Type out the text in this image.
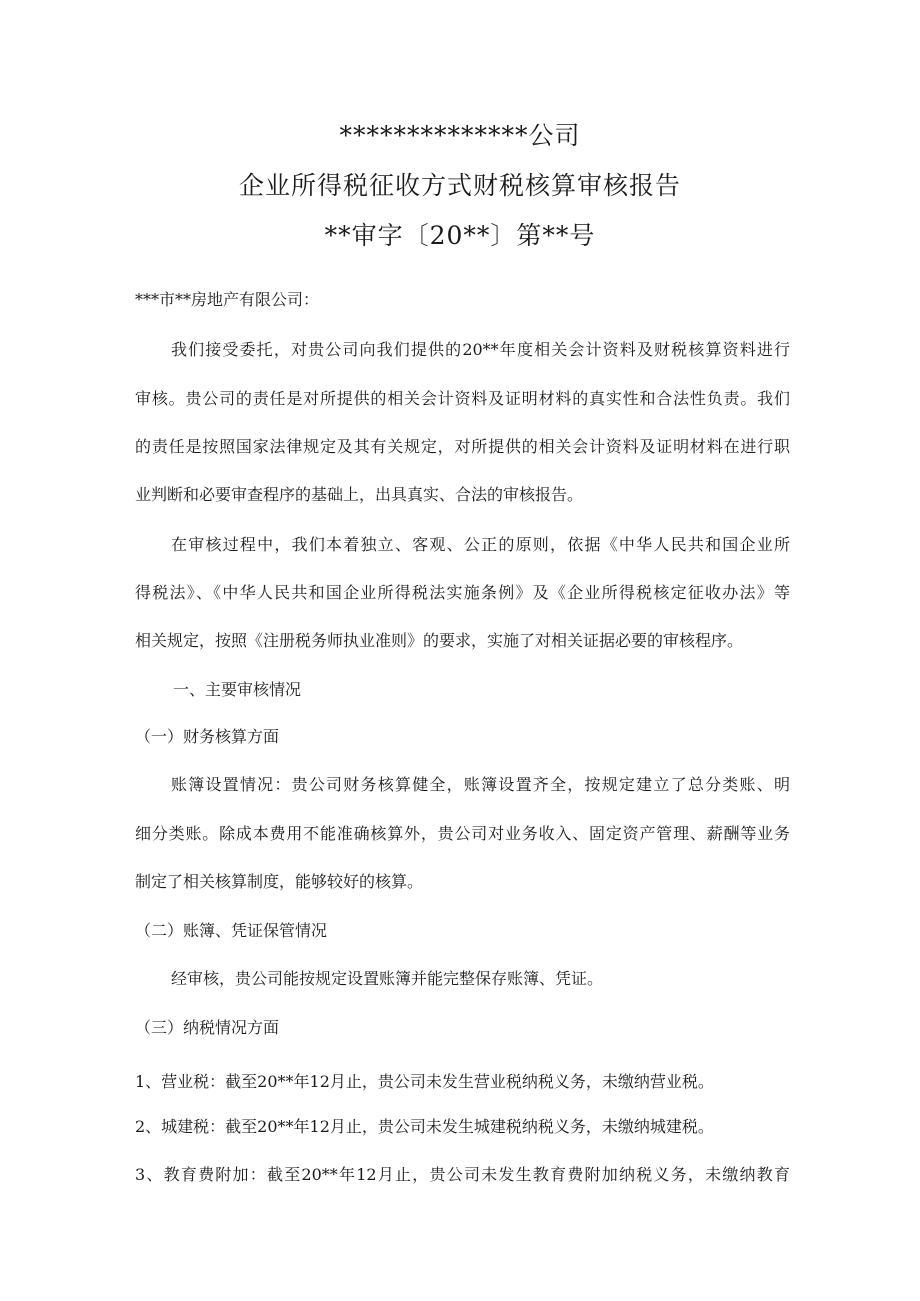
**************公司
企业所得税征收方式财税核算审核报告
**审字〔20**〕第**号
***市**房地产有限公司：
我们接受委托，对贵公司向我们提供的20**年度相关会计资料及财税核算资料进行
审核。贵公司的责任是对所提供的相关会计资料及证明材料的真实性和合法性负责。我们
的责任是按照国家法律规定及其有关规定，对所提供的相关会计资料及证明材料在进行职
业判断和必要审查程序的基础上，出具真实、合法的审核报告。
在审核过程中，我们本着独立、客观、公正的原则，依据《中华人民共和国企业所
得税法》、《中华人民共和国企业所得税法实施条例》及《企业所得税核定征收办法》等
相关规定，按照《注册税务师执业准则》的要求，实施了对相关证据必要的审核程序。
一、主要审核情况
（一）财务核算方面
账簿设置情况：贵公司财务核算健全，账簿设置齐全，按规定建立了总分类账、明
细分类账。除成本费用不能准确核算外，贵公司对业务收入、固定资产管理、薪酬等业务
制定了相关核算制度，能够较好的核算。
（二）账簿、凭证保管情况
经审核，贵公司能按规定设置账簿并能完整保存账簿、凭证。
（三）纳税情况方面
1、营业税：截至20**年12月止，贵公司未发生营业税纳税义务，未缴纳营业税。
2、城建税：截至20**年12月止，贵公司未发生城建税纳税义务，未缴纳城建税。
3、教育费附加：截至20**年12月止，贵公司未发生教育费附加纳税义务，未缴纳教育
